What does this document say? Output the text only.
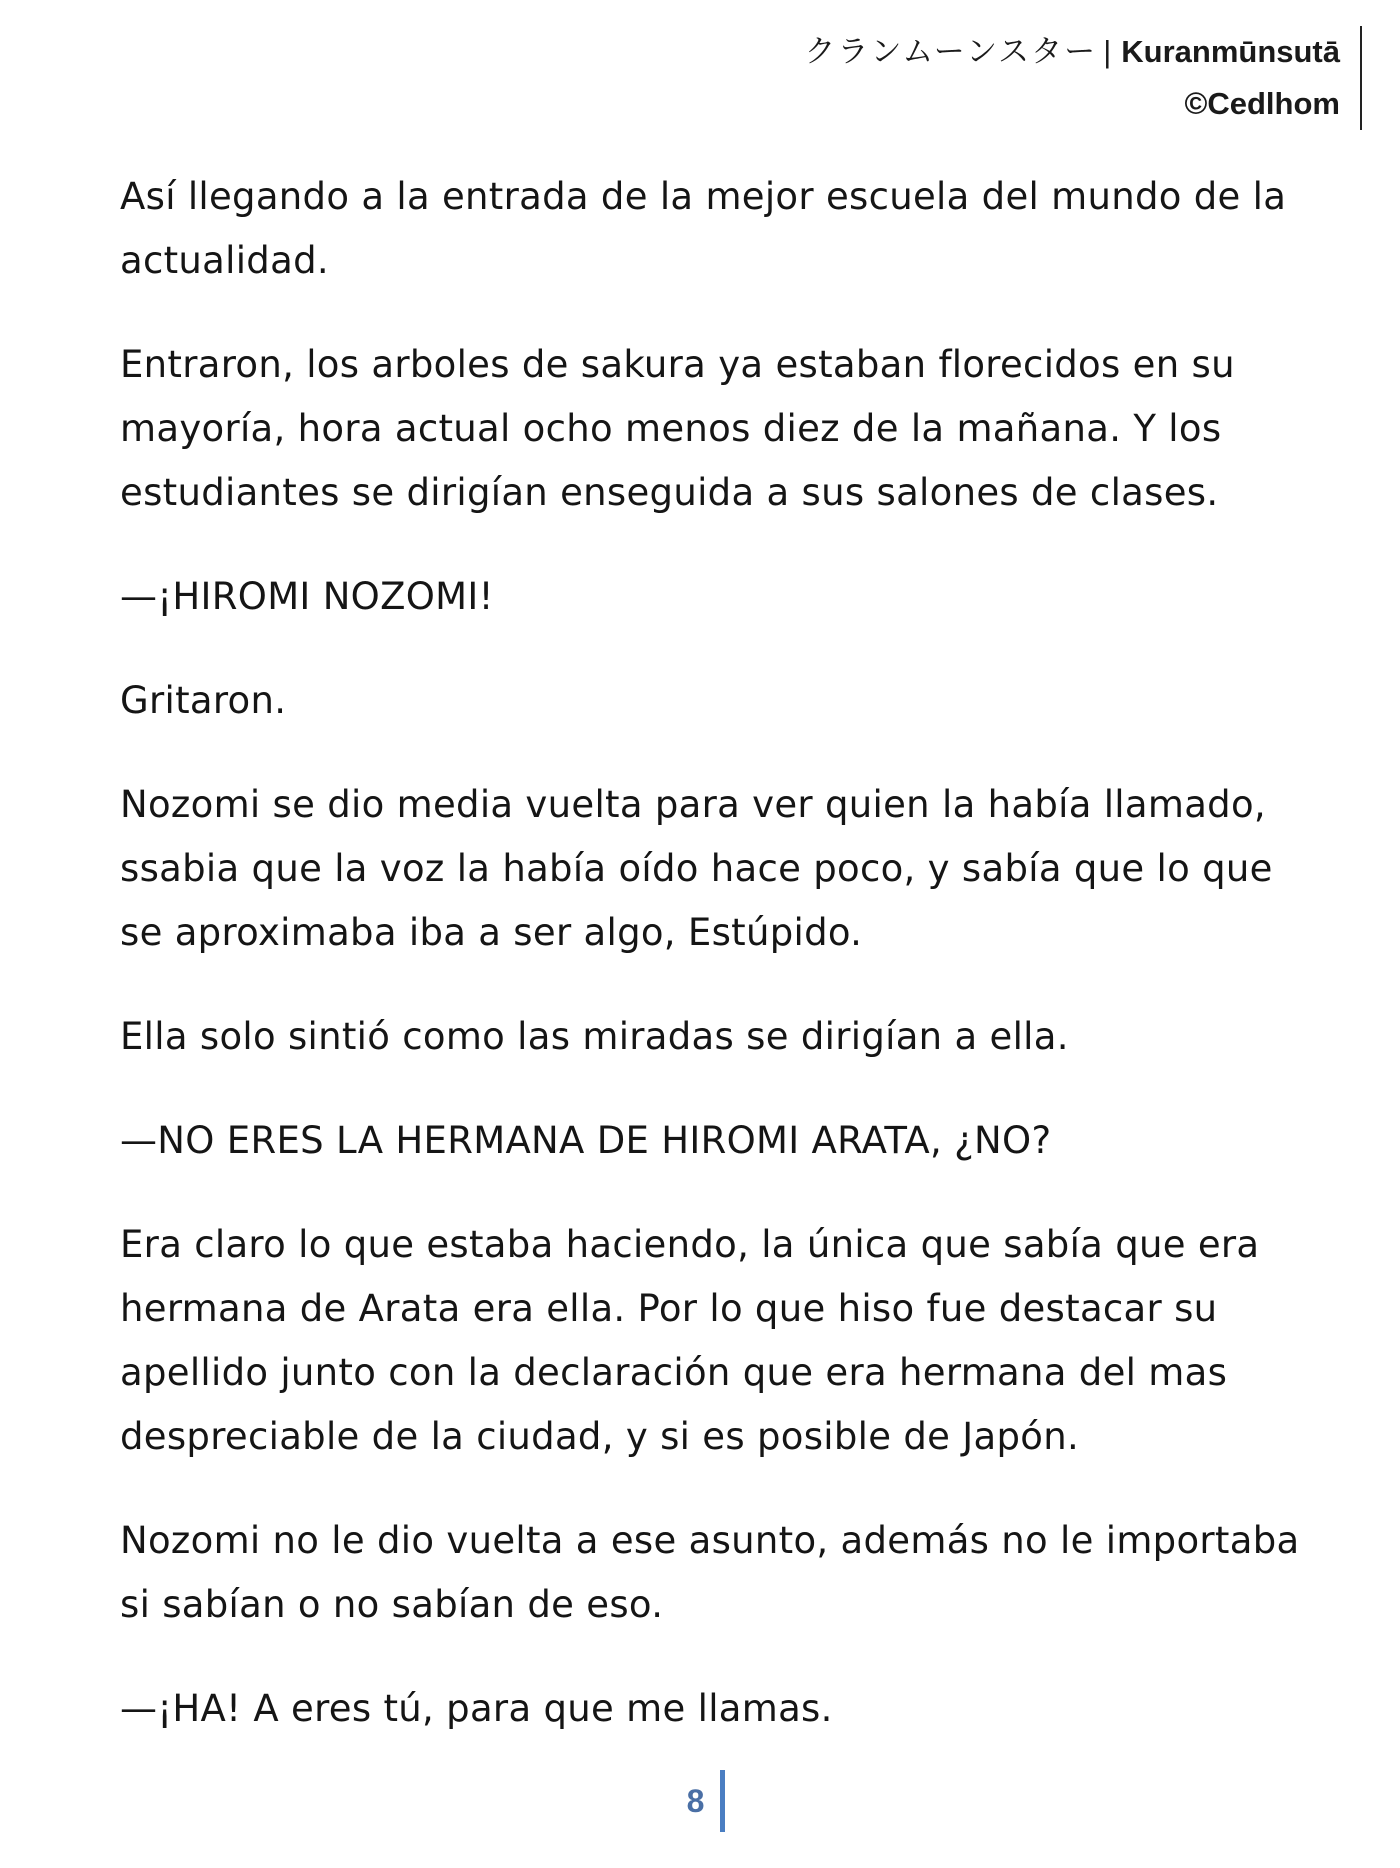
クランムーンスター | Kuranmūnsutā
©Cedlhom

Así llegando a la entrada de la mejor escuela del mundo de la actualidad.

Entraron, los arboles de sakura ya estaban florecidos en su mayoría, hora actual ocho menos diez de la mañana. Y los estudiantes se dirigían enseguida a sus salones de clases.

—¡HIROMI NOZOMI!

Gritaron.

Nozomi se dio media vuelta para ver quien la había llamado, ssabia que la voz la había oído hace poco, y sabía que lo que se aproximaba iba a ser algo, Estúpido.

Ella solo sintió como las miradas se dirigían a ella.

—NO ERES LA HERMANA DE HIROMI ARATA, ¿NO?

Era claro lo que estaba haciendo, la única que sabía que era hermana de Arata era ella. Por lo que hiso fue destacar su apellido junto con la declaración que era hermana del mas despreciable de la ciudad, y si es posible de Japón.

Nozomi no le dio vuelta a ese asunto, además no le importaba si sabían o no sabían de eso.

—¡HA! A eres tú, para que me llamas.

8
